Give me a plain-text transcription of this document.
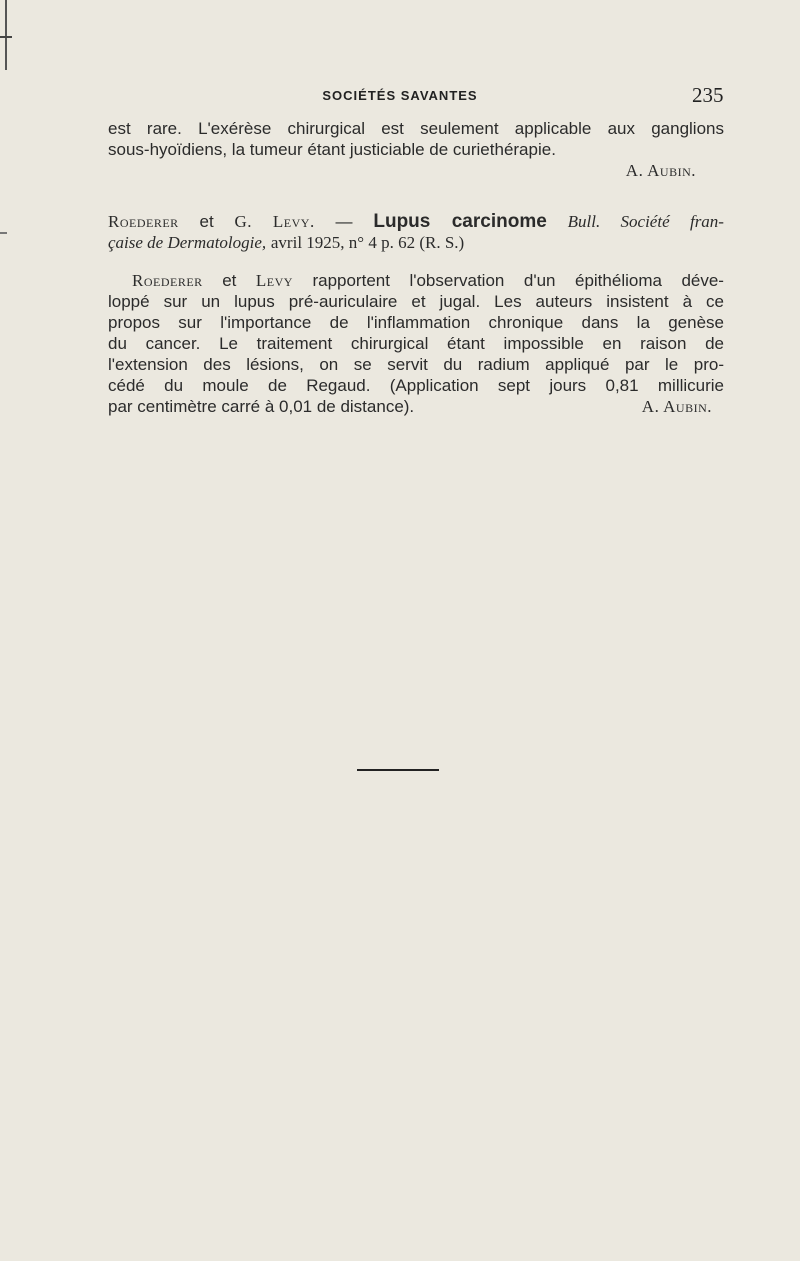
SOCIÉTÉS SAVANTES	235
est rare. L'exérèse chirurgical est seulement applicable aux ganglions
sous-hyoïdiens, la tumeur étant justiciable de curiethérapie.
A. Aubin.
Roederer et G. Levy. — Lupus carcinome Bull. Société fran-
çaise de Dermatologie, avril 1925, n° 4 p. 62 (R. S.)
Roederer et Levy rapportent l'observation d'un épithélioma déve-
loppé sur un lupus pré-auriculaire et jugal. Les auteurs insistent à ce
propos sur l'importance de l'inflammation chronique dans la genèse
du cancer. Le traitement chirurgical étant impossible en raison de
l'extension des lésions, on se servit du radium appliqué par le pro-
cédé du moule de Regaud. (Application sept jours 0,81 millicurie
par centimètre carré à 0,01 de distance).	A. Aubin.
